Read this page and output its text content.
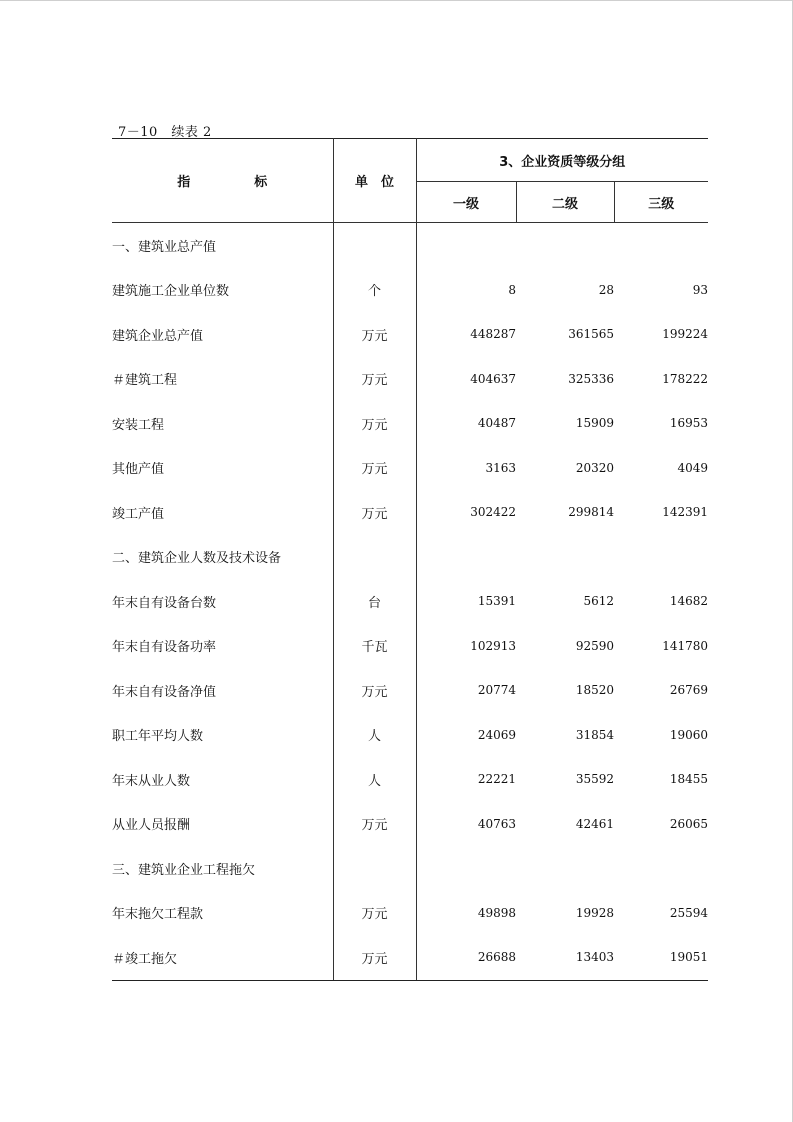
7－10　续表 2
指 标	单　位	3、企业资质等级分组		
		一级	二级	三级
一、建筑业总产值				
建筑施工企业单位数	个	8	28	93
建筑企业总产值	万元	448287	361565	199224
＃建筑工程	万元	404637	325336	178222
安装工程	万元	40487	15909	16953
其他产值	万元	3163	20320	4049
竣工产值	万元	302422	299814	142391
二、建筑企业人数及技术设备				
年末自有设备台数	台	15391	5612	14682
年末自有设备功率	千瓦	102913	92590	141780
年末自有设备净值	万元	20774	18520	26769
职工年平均人数	人	24069	31854	19060
年末从业人数	人	22221	35592	18455
从业人员报酬	万元	40763	42461	26065
三、建筑业企业工程拖欠				
年末拖欠工程款	万元	49898	19928	25594
＃竣工拖欠	万元	26688	13403	19051
